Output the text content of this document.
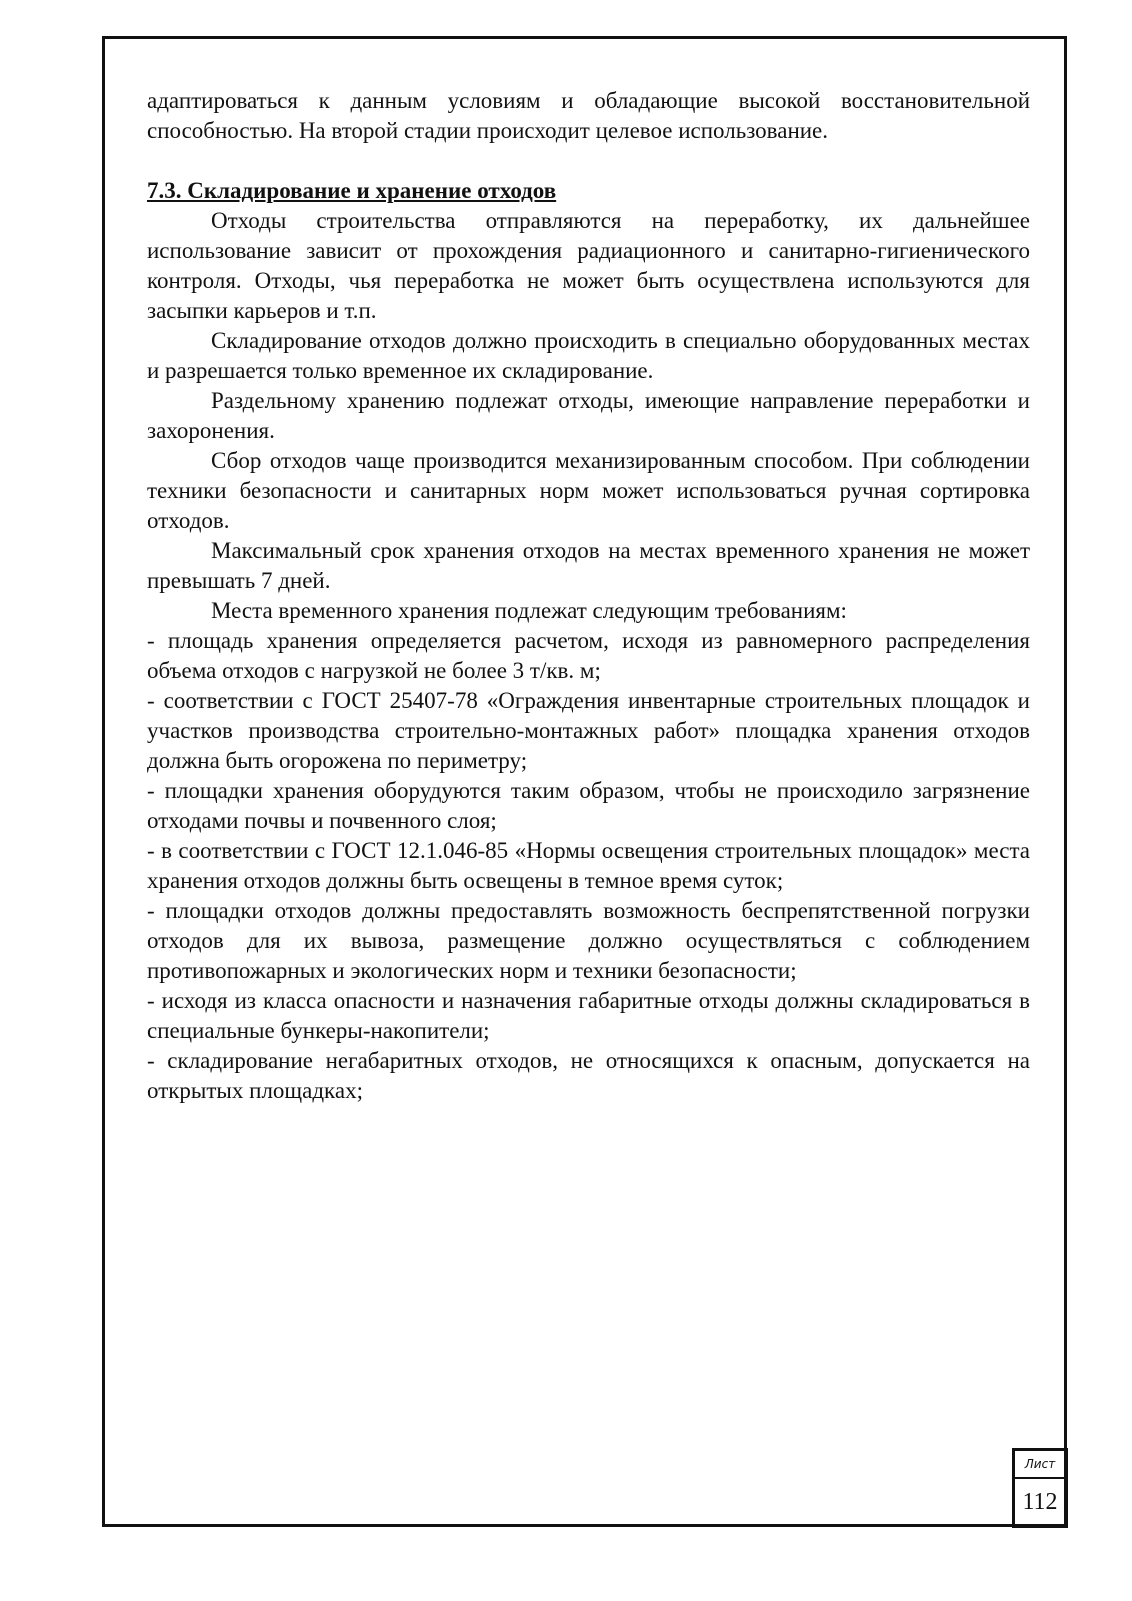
адаптироваться к данным условиям и обладающие высокой восстановительной способностью. На второй стадии происходит целевое использование.

7.3. Складирование и хранение отходов

Отходы строительства отправляются на переработку, их дальнейшее использование зависит от прохождения радиационного и санитарно-гигиенического контроля. Отходы, чья переработка не может быть осуществлена используются для засыпки карьеров и т.п.

Складирование отходов должно происходить в специально оборудованных местах и разрешается только временное их складирование.

Раздельному хранению подлежат отходы, имеющие направление переработки и захоронения.

Сбор отходов чаще производится механизированным способом. При соблюдении техники безопасности и санитарных норм может использоваться ручная сортировка отходов.

Максимальный срок хранения отходов на местах временного хранения не может превышать 7 дней.

Места временного хранения подлежат следующим требованиям:

- площадь хранения определяется расчетом, исходя из равномерного распределения объема отходов с нагрузкой не более 3 т/кв. м;

- соответствии с ГОСТ 25407-78 «Ограждения инвентарные строительных площадок и участков производства строительно-монтажных работ» площадка хранения отходов должна быть огорожена по периметру;

- площадки хранения оборудуются таким образом, чтобы не происходило загрязнение отходами почвы и почвенного слоя;

- в соответствии с ГОСТ 12.1.046-85 «Нормы освещения строительных площадок» места хранения отходов должны быть освещены в темное время суток;

- площадки отходов должны предоставлять возможность беспрепятственной погрузки отходов для их вывоза, размещение должно осуществляться с соблюдением противопожарных и экологических норм и техники безопасности;

- исходя из класса опасности и назначения габаритные отходы должны складироваться в специальные бункеры-накопители;

- складирование негабаритных отходов, не относящихся к опасным, допускается на открытых площадках;

Лист
112
